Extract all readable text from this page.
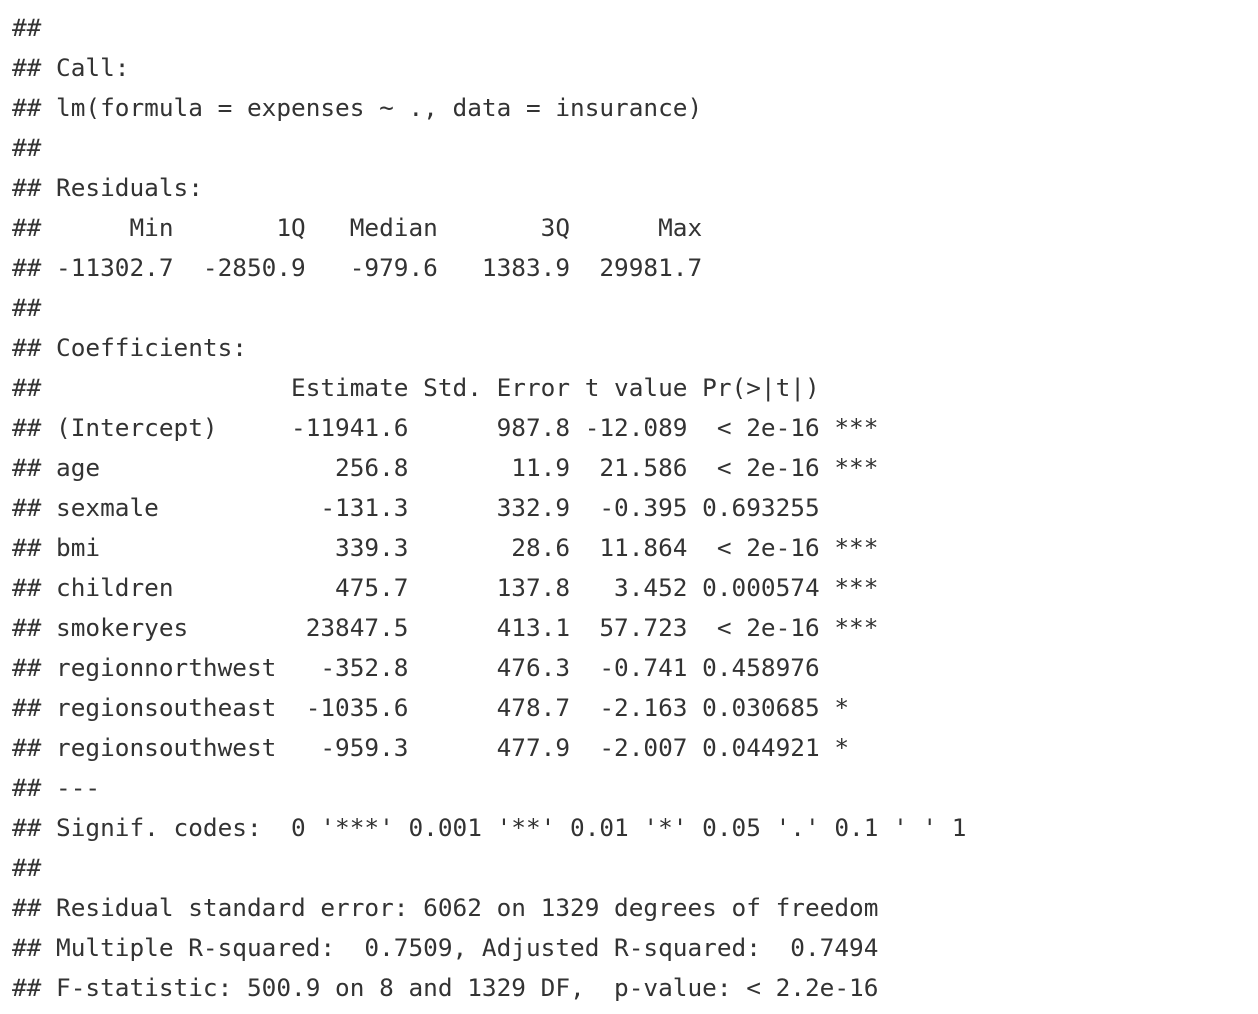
##
## Call:
## lm(formula = expenses ~ ., data = insurance)
##
## Residuals:
##      Min       1Q   Median       3Q      Max
## -11302.7  -2850.9   -979.6   1383.9  29981.7
##
## Coefficients:
##                 Estimate Std. Error t value Pr(>|t|)
## (Intercept)     -11941.6      987.8 -12.089  < 2e-16 ***
## age                256.8       11.9  21.586  < 2e-16 ***
## sexmale           -131.3      332.9  -0.395 0.693255
## bmi                339.3       28.6  11.864  < 2e-16 ***
## children           475.7      137.8   3.452 0.000574 ***
## smokeryes        23847.5      413.1  57.723  < 2e-16 ***
## regionnorthwest   -352.8      476.3  -0.741 0.458976
## regionsoutheast  -1035.6      478.7  -2.163 0.030685 *
## regionsouthwest   -959.3      477.9  -2.007 0.044921 *
## ---
## Signif. codes:  0 '***' 0.001 '**' 0.01 '*' 0.05 '.' 0.1 ' ' 1
##
## Residual standard error: 6062 on 1329 degrees of freedom
## Multiple R-squared:  0.7509, Adjusted R-squared:  0.7494
## F-statistic: 500.9 on 8 and 1329 DF,  p-value: < 2.2e-16
